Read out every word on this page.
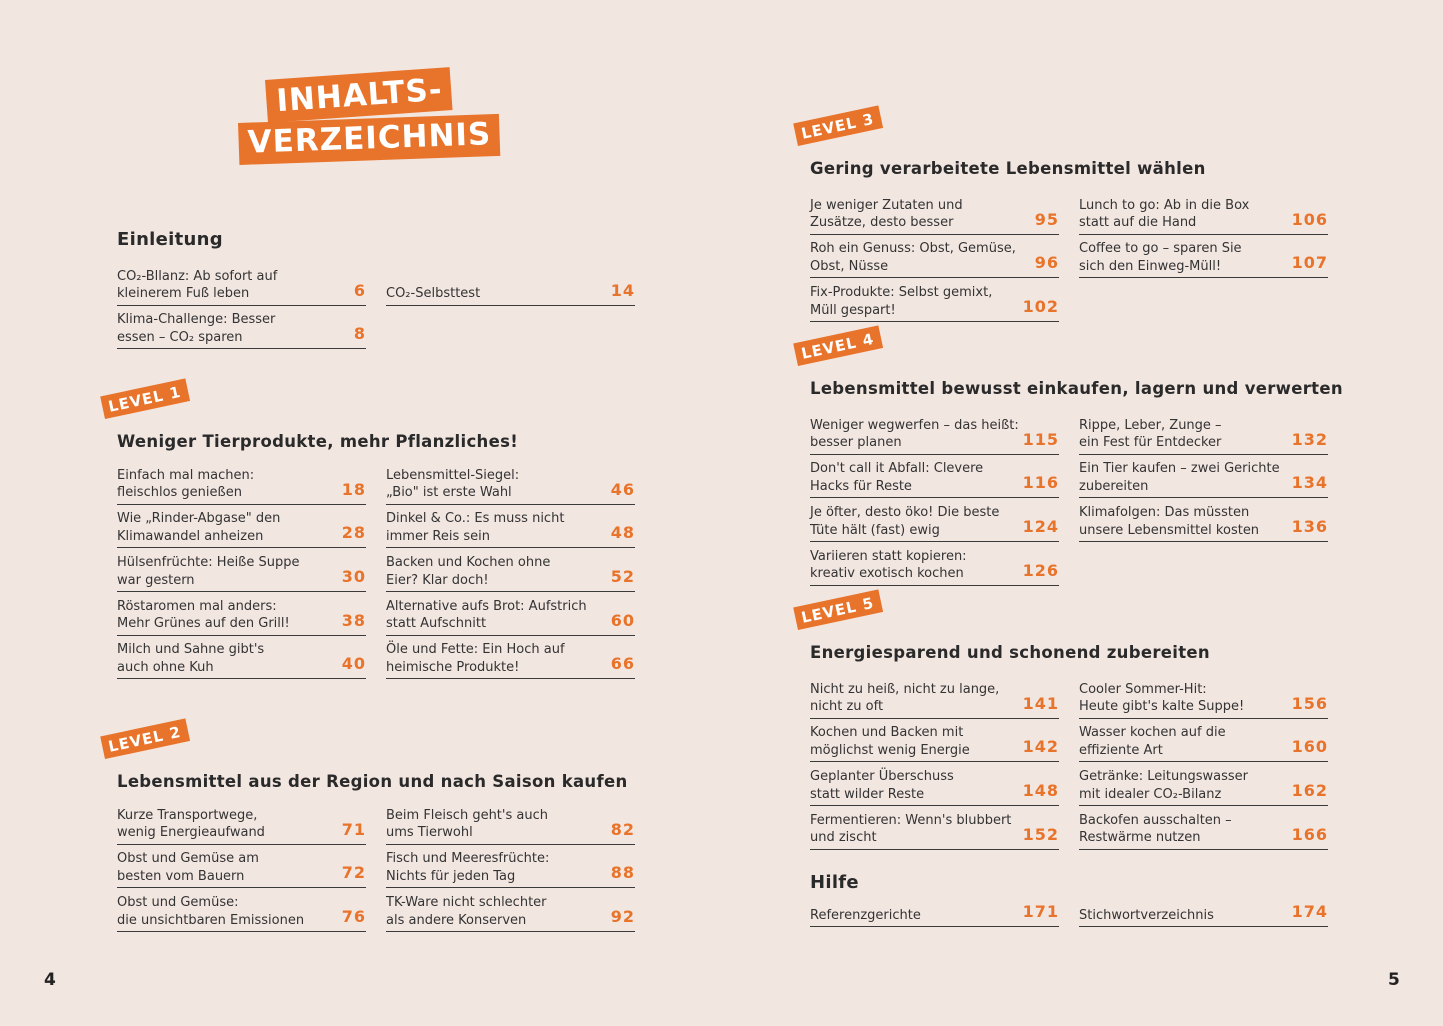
INHALTS-
VERZEICHNIS
4	5
Einleitung
CO₂-Bllanz: Ab sofort auf
kleinerem Fuß leben	6
Klima-Challenge: Besser
essen – CO₂ sparen	8
CO₂-Selbsttest	14
LEVEL 1
Weniger Tierprodukte, mehr Pflanzliches!
Einfach mal machen:
fleischlos genießen	18
Wie „Rinder-Abgase" den
Klimawandel anheizen	28
Hülsenfrüchte: Heiße Suppe
war gestern	30
Röstaromen mal anders:
Mehr Grünes auf den Grill!	38
Milch und Sahne gibt's
auch ohne Kuh	40
Lebensmittel-Siegel:
„Bio" ist erste Wahl	46
Dinkel & Co.: Es muss nicht
immer Reis sein	48
Backen und Kochen ohne
Eier? Klar doch!	52
Alternative aufs Brot: Aufstrich
statt Aufschnitt	60
Öle und Fette: Ein Hoch auf
heimische Produkte!	66
LEVEL 2
Lebensmittel aus der Region und nach Saison kaufen
Kurze Transportwege,
wenig Energieaufwand	71
Obst und Gemüse am
besten vom Bauern	72
Obst und Gemüse:
die unsichtbaren Emissionen	76
Beim Fleisch geht's auch
ums Tierwohl	82
Fisch und Meeresfrüchte:
Nichts für jeden Tag	88
TK-Ware nicht schlechter
als andere Konserven	92
LEVEL 3
Gering verarbeitete Lebensmittel wählen
Je weniger Zutaten und
Zusätze, desto besser	95
Roh ein Genuss: Obst, Gemüse,
Obst, Nüsse	96
Fix-Produkte: Selbst gemixt,
Müll gespart!	102
Lunch to go: Ab in die Box
statt auf die Hand	106
Coffee to go – sparen Sie
sich den Einweg-Müll!	107
LEVEL 4
Lebensmittel bewusst einkaufen, lagern und verwerten
Weniger wegwerfen – das heißt:
besser planen	115
Don't call it Abfall: Clevere
Hacks für Reste	116
Je öfter, desto öko! Die beste
Tüte hält (fast) ewig	124
Variieren statt kopieren:
kreativ exotisch kochen	126
Rippe, Leber, Zunge –
ein Fest für Entdecker	132
Ein Tier kaufen – zwei Gerichte
zubereiten	134
Klimafolgen: Das müssten
unsere Lebensmittel kosten	136
LEVEL 5
Energiesparend und schonend zubereiten
Nicht zu heiß, nicht zu lange,
nicht zu oft	141
Kochen und Backen mit
möglichst wenig Energie	142
Geplanter Überschuss
statt wilder Reste	148
Fermentieren: Wenn's blubbert
und zischt	152
Cooler Sommer-Hit:
Heute gibt's kalte Suppe!	156
Wasser kochen auf die
effiziente Art	160
Getränke: Leitungswasser
mit idealer CO₂-Bilanz	162
Backofen ausschalten –
Restwärme nutzen	166
Hilfe
Referenzgerichte	171 Stichwortverzeichnis	174
